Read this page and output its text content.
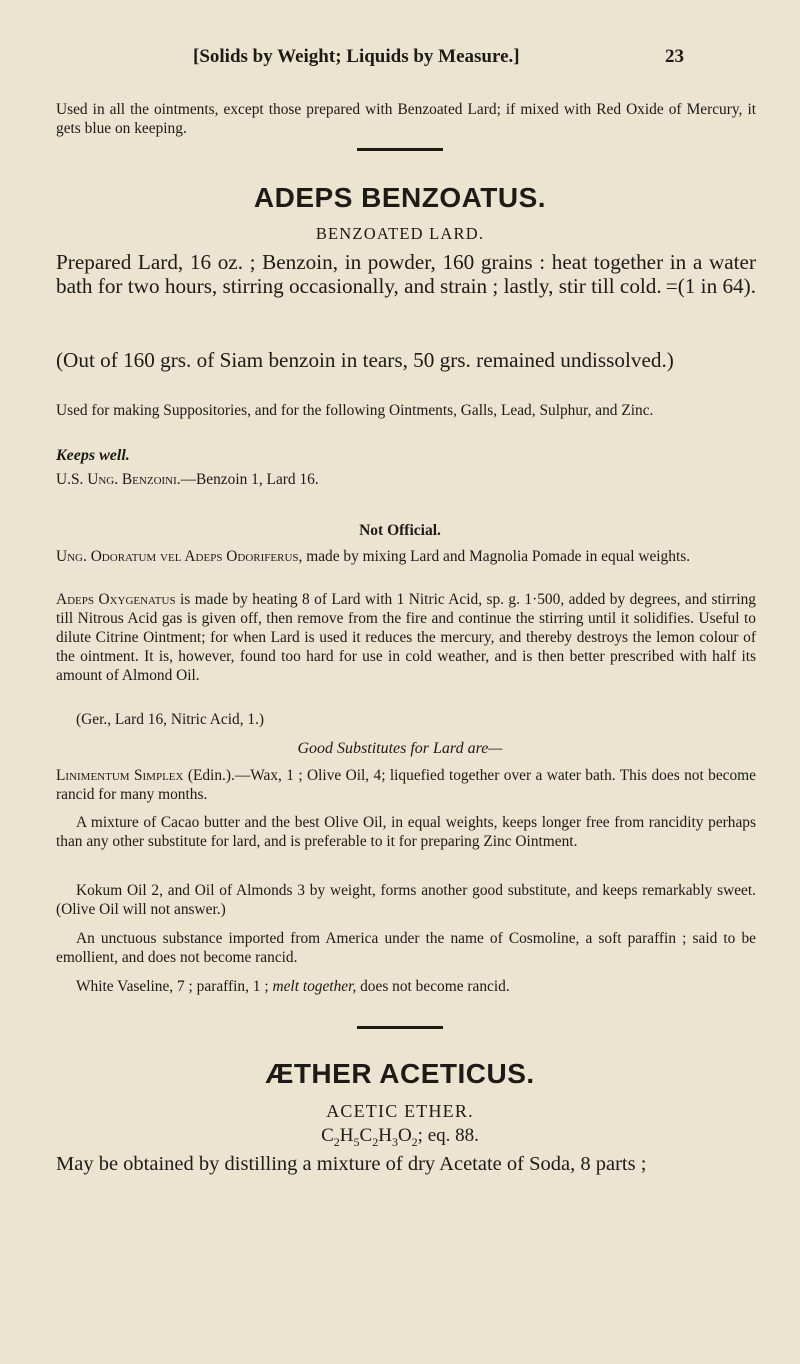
[Solids by Weight; Liquids by Measure.]	23

Used in all the ointments, except those prepared with Benzoated Lard; if mixed with Red Oxide of Mercury, it gets blue on keeping.

ADEPS BENZOATUS.
BENZOATED LARD.

Prepared Lard, 16 oz. ; Benzoin, in powder, 160 grains : heat together in a water bath for two hours, stirring occasionally, and strain ; lastly, stir till cold. =(1 in 64).

(Out of 160 grs. of Siam benzoin in tears, 50 grs. remained undissolved.)

Used for making Suppositories, and for the following Ointments, Galls, Lead, Sulphur, and Zinc.

Keeps well.

U.S. Ung. Benzoini.—Benzoin 1, Lard 16.

Not Official.

Ung. Odoratum vel Adeps Odoriferus, made by mixing Lard and Magnolia Pomade in equal weights.

Adeps Oxygenatus is made by heating 8 of Lard with 1 Nitric Acid, sp. g. 1·500, added by degrees, and stirring till Nitrous Acid gas is given off, then remove from the fire and continue the stirring until it solidifies. Useful to dilute Citrine Ointment; for when Lard is used it reduces the mercury, and thereby destroys the lemon colour of the ointment. It is, however, found too hard for use in cold weather, and is then better prescribed with half its amount of Almond Oil.

(Ger., Lard 16, Nitric Acid, 1.)

Good Substitutes for Lard are—

Linimentum Simplex (Edin.).—Wax, 1 ; Olive Oil, 4; liquefied together over a water bath. This does not become rancid for many months.

A mixture of Cacao butter and the best Olive Oil, in equal weights, keeps longer free from rancidity perhaps than any other substitute for lard, and is preferable to it for preparing Zinc Ointment.

Kokum Oil 2, and Oil of Almonds 3 by weight, forms another good substitute, and keeps remarkably sweet. (Olive Oil will not answer.)

An unctuous substance imported from America under the name of Cosmoline, a soft paraffin ; said to be emollient, and does not become rancid.

White Vaseline, 7 ; paraffin, 1 ; melt together, does not become rancid.

ÆTHER ACETICUS.
ACETIC ETHER.
$C_2H_5C_2H_3O_2$; eq. 88.

May be obtained by distilling a mixture of dry Acetate of Soda, 8 parts ;
